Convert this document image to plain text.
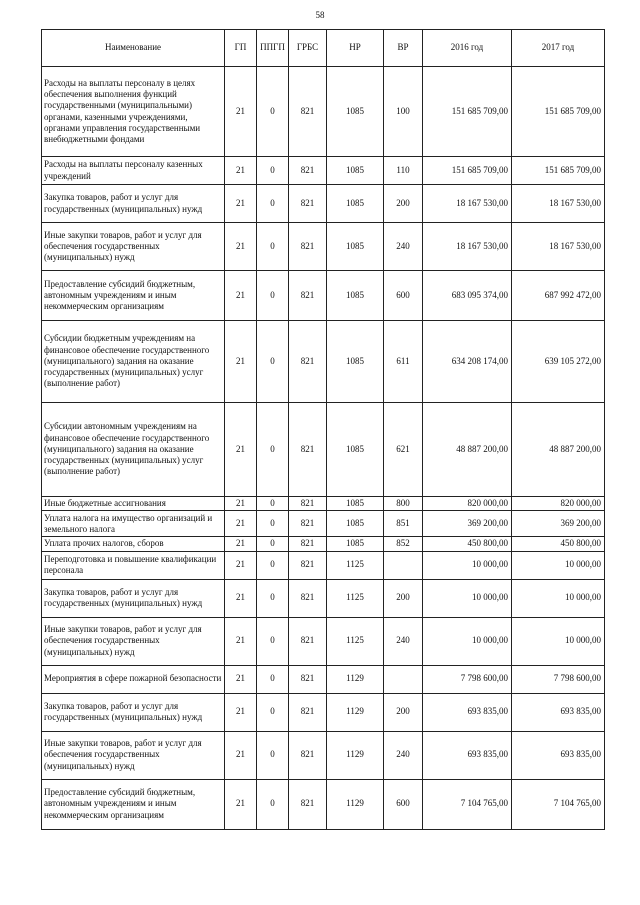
58
Наименование	ГП	ППГП	ГРБС	НР	ВР	2016 год	2017 год
Расходы на выплаты персоналу в целях обеспечения выполнения функций государственными (муниципальными) органами, казенными учреждениями, органами управления государственными внебюджетными фондами	21	0	821	1085	100	151 685 709,00	151 685 709,00
Расходы на выплаты персоналу казенных учреждений	21	0	821	1085	110	151 685 709,00	151 685 709,00
Закупка товаров, работ и услуг для государственных (муниципальных) нужд	21	0	821	1085	200	18 167 530,00	18 167 530,00
Иные закупки товаров, работ и услуг для обеспечения государственных (муниципальных) нужд	21	0	821	1085	240	18 167 530,00	18 167 530,00
Предоставление субсидий бюджетным, автономным учреждениям и иным некоммерческим организациям	21	0	821	1085	600	683 095 374,00	687 992 472,00
Субсидии бюджетным учреждениям на финансовое обеспечение государственного (муниципального) задания на оказание государственных (муниципальных) услуг (выполнение работ)	21	0	821	1085	611	634 208 174,00	639 105 272,00
Субсидии автономным учреждениям на финансовое обеспечение государственного (муниципального) задания на оказание государственных (муниципальных) услуг (выполнение работ)	21	0	821	1085	621	48 887 200,00	48 887 200,00
Иные бюджетные ассигнования	21	0	821	1085	800	820 000,00	820 000,00
Уплата налога на имущество организаций и земельного налога	21	0	821	1085	851	369 200,00	369 200,00
Уплата прочих налогов, сборов	21	0	821	1085	852	450 800,00	450 800,00
Переподготовка и повышение квалификации персонала	21	0	821	1125		10 000,00	10 000,00
Закупка товаров, работ и услуг для государственных (муниципальных) нужд	21	0	821	1125	200	10 000,00	10 000,00
Иные закупки товаров, работ и услуг для обеспечения государственных (муниципальных) нужд	21	0	821	1125	240	10 000,00	10 000,00
Мероприятия в сфере пожарной безопасности	21	0	821	1129		7 798 600,00	7 798 600,00
Закупка товаров, работ и услуг для государственных (муниципальных) нужд	21	0	821	1129	200	693 835,00	693 835,00
Иные закупки товаров, работ и услуг для обеспечения государственных (муниципальных) нужд	21	0	821	1129	240	693 835,00	693 835,00
Предоставление субсидий бюджетным, автономным учреждениям и иным некоммерческим организациям	21	0	821	1129	600	7 104 765,00	7 104 765,00
